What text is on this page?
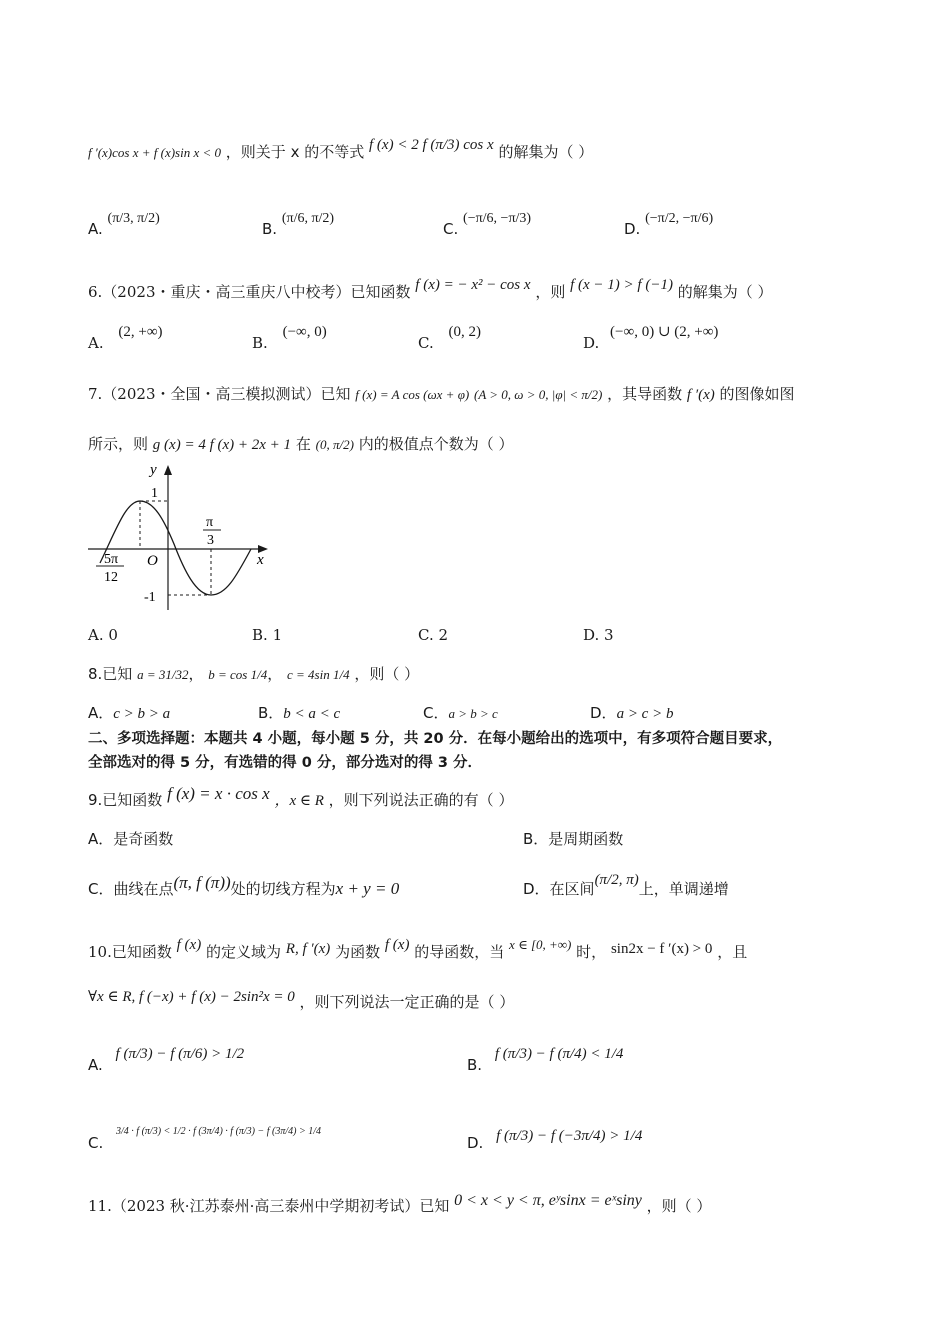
f ′(x)cos x + f (x)sin x < 0 ，则关于 x 的不等式 f (x) < 2 f (π/3) cos x 的解集为（ ）
A. (π/3, π/2)
B. (π/6, π/2)
C. (−π/6, −π/3)
D. (−π/2, −π/6)
6.（2023・重庆・高三重庆八中校考）已知函数 f (x) = − x² − cos x ，则 f (x − 1) > f (−1) 的解集为（ ）
A. (2, +∞)
B. (−∞, 0)
C. (0, 2)
D. (−∞, 0) ∪ (2, +∞)
7.（2023・全国・高三模拟测试）已知 f (x) = A cos (ωx + φ) (A > 0, ω > 0, |φ| < π/2) ，其导函数 f ′(x) 的图像如图
所示，则 g (x) = 4 f (x) + 2x + 1 在 (0, π/2) 内的极值点个数为（ ）
y
x
O
1
-1
π
3
5π
12
A. 0	B. 1	C. 2	D. 3
8.已知 a = 31/32， b = cos 1/4， c = 4sin 1/4 ，则（ ）
A．c > b > a	B．b < a < c	C．a > b > c	D．a > c > b
二、多项选择题：本题共 4 小题，每小题 5 分，共 20 分．在每小题给出的选项中，有多项符合题目要求，
全部选对的得 5 分，有选错的得 0 分，部分选对的得 3 分．
9.已知函数 f (x) = x · cos x ，x ∈ R ，则下列说法正确的有（ ）
A．是奇函数	B．是周期函数
C．曲线在点(π, f (π))处的切线方程为x + y = 0	D．在区间(π/2, π)上，单调递增
10.已知函数 f (x) 的定义域为 R, f ′(x) 为函数 f (x) 的导函数，当 x ∈ [0, +∞) 时， sin2x − f ′(x) > 0 ，且
∀x ∈ R, f (−x) + f (x) − 2sin²x = 0 ，则下列说法一定正确的是（ ）
A. f (π/3) − f (π/6) > 1/2
B. f (π/3) − f (π/4) < 1/4
C. $^{3/4 \cdot f (\pi/3) < 1/2 \cdot f (3\pi/4) \cdot f (\pi/3) - f (3\pi/4) > 1/4}$
D. f (π/3) − f (−3π/4) > 1/4
11.（2023 秋·江苏泰州·高三泰州中学期初考试）已知 0 < x < y < π, eʸsinx = eˣsiny ，则（ ）
